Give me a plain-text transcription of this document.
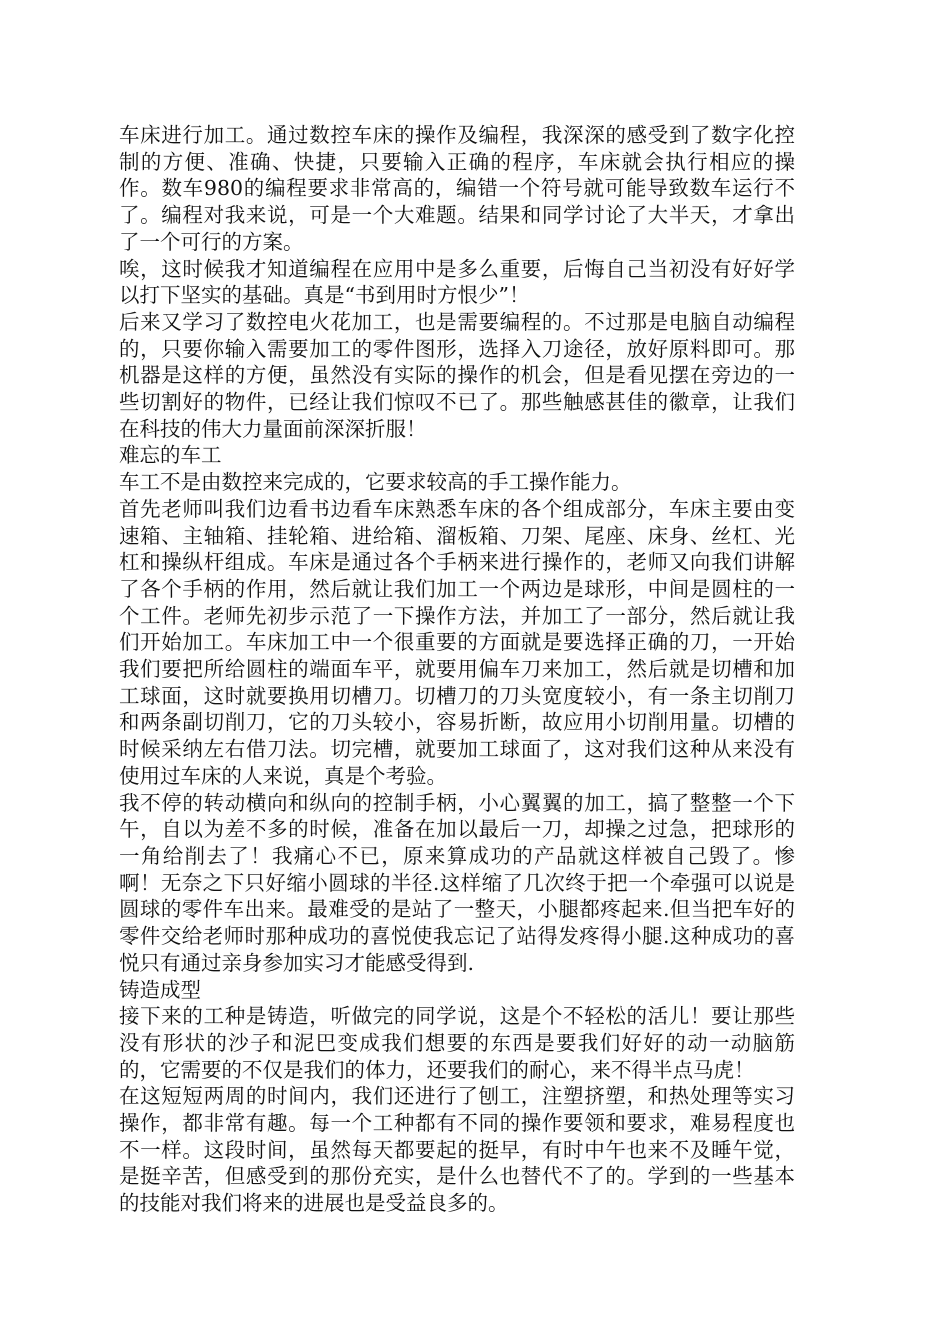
车床进行加工。通过数控车床的操作及编程，我深深的感受到了数字化控制的方便、准确、快捷，只要输入正确的程序，车床就会执行相应的操作。数车980的编程要求非常高的，编错一个符号就可能导致数车运行不了。编程对我来说，可是一个大难题。结果和同学讨论了大半天，才拿出了一个可行的方案。

唉，这时候我才知道编程在应用中是多么重要，后悔自己当初没有好好学以打下坚实的基础。真是“书到用时方恨少”！

后来又学习了数控电火花加工，也是需要编程的。不过那是电脑自动编程的，只要你输入需要加工的零件图形，选择入刀途径，放好原料即可。那机器是这样的方便，虽然没有实际的操作的机会，但是看见摆在旁边的一些切割好的物件，已经让我们惊叹不已了。那些触感甚佳的徽章，让我们在科技的伟大力量面前深深折服！

难忘的车工

车工不是由数控来完成的，它要求较高的手工操作能力。

首先老师叫我们边看书边看车床熟悉车床的各个组成部分，车床主要由变速箱、主轴箱、挂轮箱、进给箱、溜板箱、刀架、尾座、床身、丝杠、光杠和操纵杆组成。车床是通过各个手柄来进行操作的，老师又向我们讲解了各个手柄的作用，然后就让我们加工一个两边是球形，中间是圆柱的一个工件。老师先初步示范了一下操作方法，并加工了一部分，然后就让我们开始加工。车床加工中一个很重要的方面就是要选择正确的刀，一开始我们要把所给圆柱的端面车平，就要用偏车刀来加工，然后就是切槽和加工球面，这时就要换用切槽刀。切槽刀的刀头宽度较小，有一条主切削刀和两条副切削刀，它的刀头较小，容易折断，故应用小切削用量。切槽的时候采纳左右借刀法。切完槽，就要加工球面了，这对我们这种从来没有使用过车床的人来说，真是个考验。

我不停的转动横向和纵向的控制手柄，小心翼翼的加工，搞了整整一个下午，自以为差不多的时候，准备在加以最后一刀，却操之过急，把球形的一角给削去了！我痛心不已，原来算成功的产品就这样被自己毁了。惨啊！无奈之下只好缩小圆球的半径.这样缩了几次终于把一个牵强可以说是圆球的零件车出来。最难受的是站了一整天，小腿都疼起来.但当把车好的零件交给老师时那种成功的喜悦使我忘记了站得发疼得小腿.这种成功的喜悦只有通过亲身参加实习才能感受得到.

铸造成型

接下来的工种是铸造，听做完的同学说，这是个不轻松的活儿！要让那些没有形状的沙子和泥巴变成我们想要的东西是要我们好好的动一动脑筋的，它需要的不仅是我们的体力，还要我们的耐心，来不得半点马虎！

在这短短两周的时间内，我们还进行了刨工，注塑挤塑，和热处理等实习操作，都非常有趣。每一个工种都有不同的操作要领和要求，难易程度也不一样。这段时间，虽然每天都要起的挺早，有时中午也来不及睡午觉，是挺辛苦，但感受到的那份充实，是什么也替代不了的。学到的一些基本的技能对我们将来的进展也是受益良多的。
